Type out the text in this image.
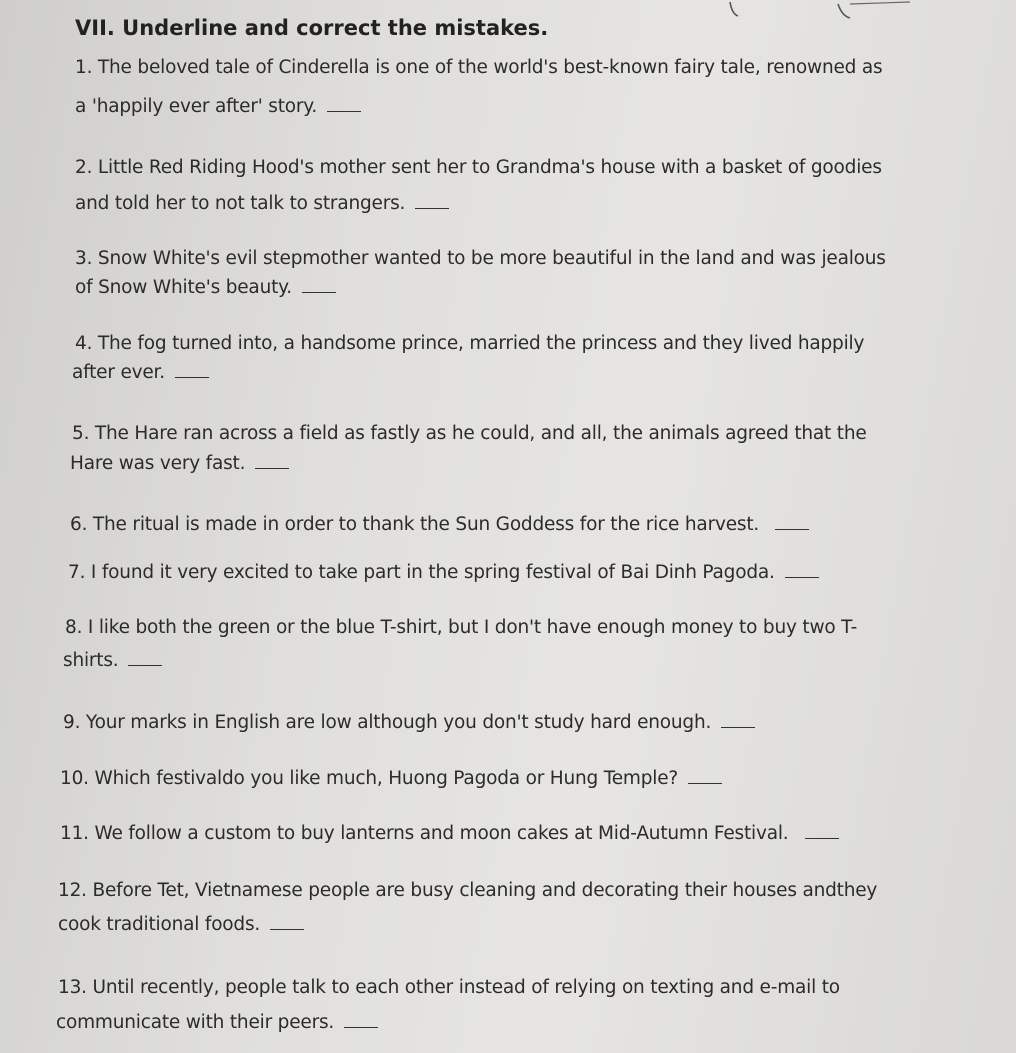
VII. Underline and correct the mistakes.
1. The beloved tale of Cinderella is one of the world's best-known fairy tale, renowned as
a 'happily ever after' story.
2. Little Red Riding Hood's mother sent her to Grandma's house with a basket of goodies
and told her to not talk to strangers.
3. Snow White's evil stepmother wanted to be more beautiful in the land and was jealous
of Snow White's beauty.
4. The fog turned into, a handsome prince, married the princess and they lived happily
after ever.
5. The Hare ran across a field as fastly as he could, and all, the animals agreed that the
Hare was very fast.
6. The ritual is made in order to thank the Sun Goddess for the rice harvest.
7. I found it very excited to take part in the spring festival of Bai Dinh Pagoda.
8. I like both the green or the blue T-shirt, but I don't have enough money to buy two T-
shirts.
9. Your marks in English are low although you don't study hard enough.
10. Which festivaldo you like much, Huong Pagoda or Hung Temple?
11. We follow a custom to buy lanterns and moon cakes at Mid-Autumn Festival.
12. Before Tet, Vietnamese people are busy cleaning and decorating their houses andthey
cook traditional foods.
13. Until recently, people talk to each other instead of relying on texting and e-mail to
communicate with their peers.
